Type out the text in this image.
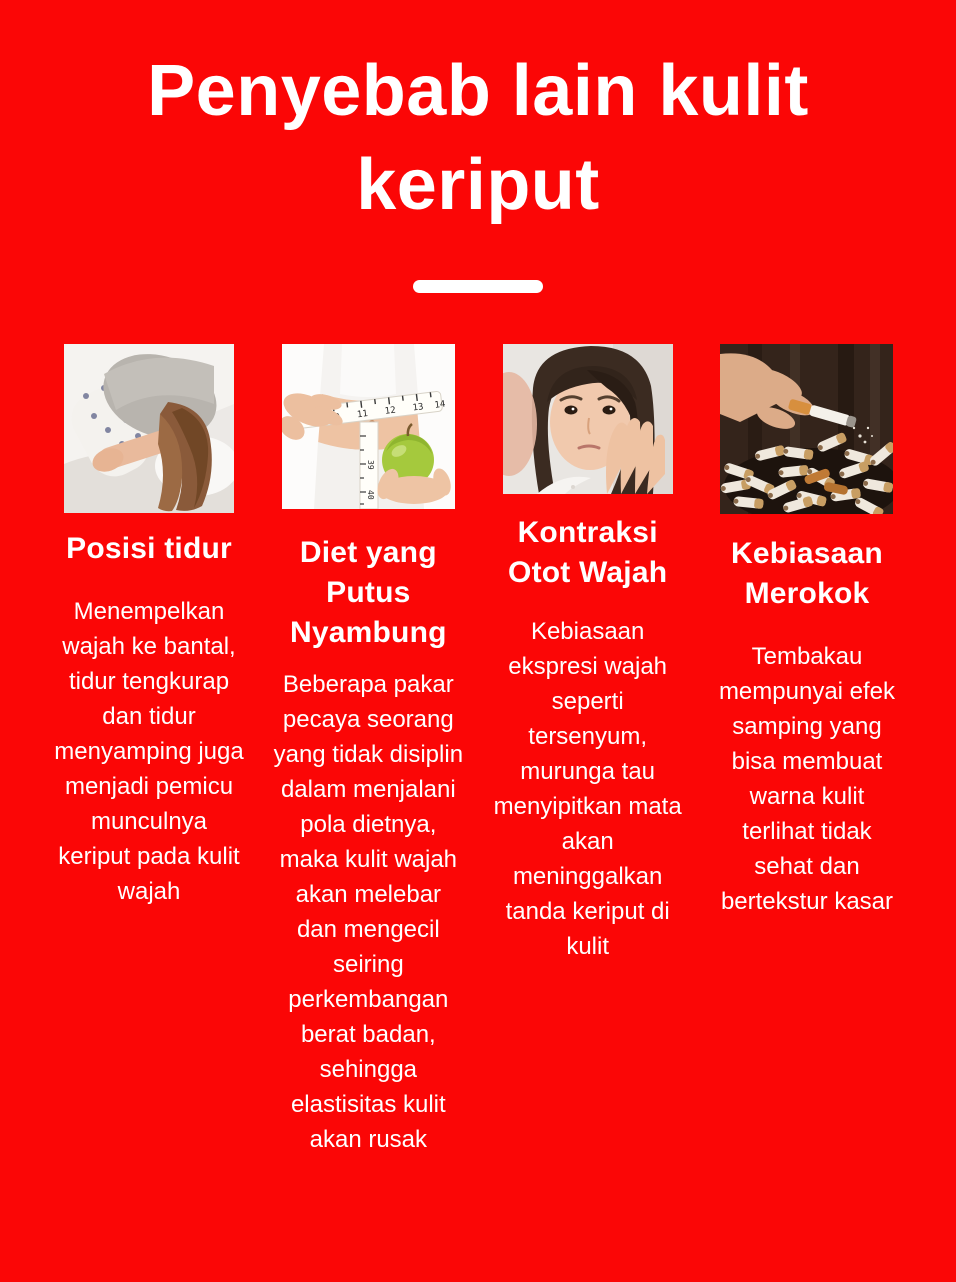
Penyebab lain kulit keriput
Posisi tidur
Menempelkan wajah ke bantal, tidur tengkurap dan tidur menyamping juga menjadi pemicu munculnya keriput pada kulit wajah
11 12 13 14
39
40
Diet yang Putus Nyambung
Beberapa pakar pecaya seorang yang tidak disiplin dalam menjalani pola dietnya, maka kulit wajah akan melebar dan mengecil seiring perkembangan berat badan, sehingga elastisitas kulit akan rusak
Kontraksi Otot Wajah
Kebiasaan ekspresi wajah seperti tersenyum, murunga tau menyipitkan mata akan meninggalkan tanda keriput di kulit
Kebiasaan Merokok
Tembakau mempunyai efek samping yang bisa membuat warna kulit terlihat tidak sehat dan bertekstur kasar
